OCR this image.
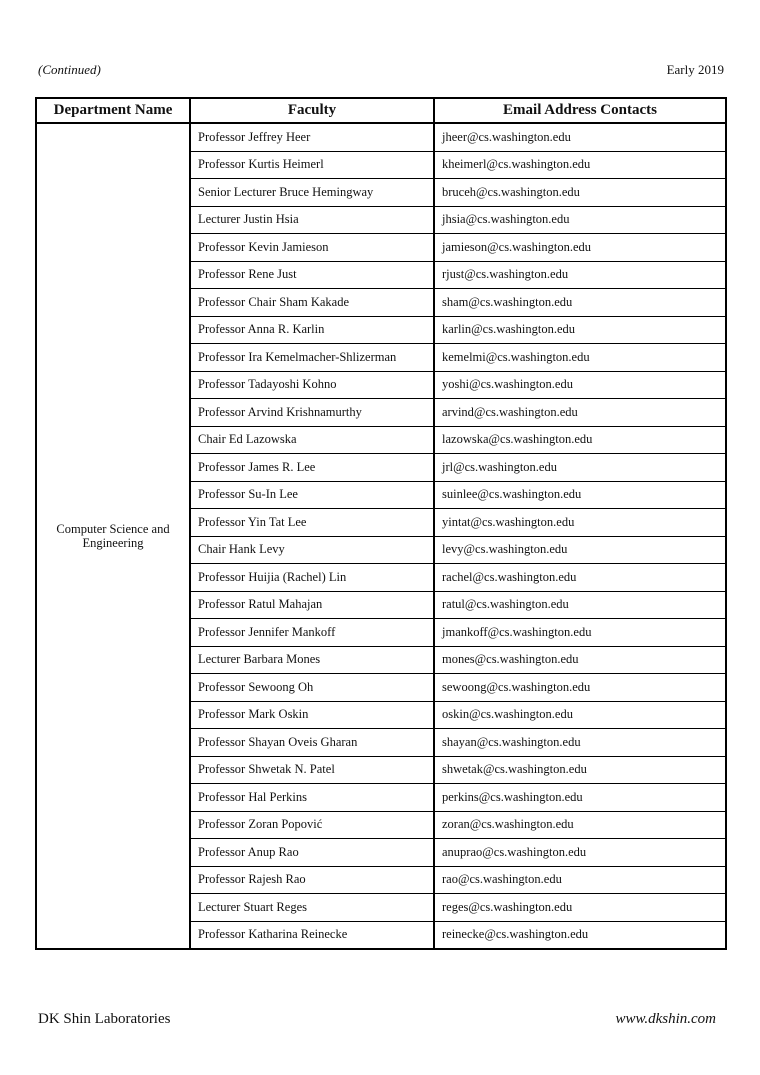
(Continued)	Early 2019
Department Name	Faculty	Email Address Contacts
Computer Science and Engineering	Professor Jeffrey Heer	jheer@cs.washington.edu
	Professor Kurtis Heimerl	kheimerl@cs.washington.edu
	Senior Lecturer Bruce Hemingway	bruceh@cs.washington.edu
	Lecturer Justin Hsia	jhsia@cs.washington.edu
	Professor Kevin Jamieson	jamieson@cs.washington.edu
	Professor Rene Just	rjust@cs.washington.edu
	Professor Chair Sham Kakade	sham@cs.washington.edu
	Professor Anna R. Karlin	karlin@cs.washington.edu
	Professor Ira Kemelmacher-Shlizerman	kemelmi@cs.washington.edu
	Professor Tadayoshi Kohno	yoshi@cs.washington.edu
	Professor Arvind Krishnamurthy	arvind@cs.washington.edu
	Chair Ed Lazowska	lazowska@cs.washington.edu
	Professor James R. Lee	jrl@cs.washington.edu
	Professor Su-In Lee	suinlee@cs.washington.edu
	Professor Yin Tat Lee	yintat@cs.washington.edu
	Chair Hank Levy	levy@cs.washington.edu
	Professor Huijia (Rachel) Lin	rachel@cs.washington.edu
	Professor Ratul Mahajan	ratul@cs.washington.edu
	Professor Jennifer Mankoff	jmankoff@cs.washington.edu
	Lecturer Barbara Mones	mones@cs.washington.edu
	Professor Sewoong Oh	sewoong@cs.washington.edu
	Professor Mark Oskin	oskin@cs.washington.edu
	Professor Shayan Oveis Gharan	shayan@cs.washington.edu
	Professor Shwetak N. Patel	shwetak@cs.washington.edu
	Professor Hal Perkins	perkins@cs.washington.edu
	Professor Zoran Popović	zoran@cs.washington.edu
	Professor Anup Rao	anuprao@cs.washington.edu
	Professor Rajesh Rao	rao@cs.washington.edu
	Lecturer Stuart Reges	reges@cs.washington.edu
	Professor Katharina Reinecke	reinecke@cs.washington.edu
DK Shin Laboratories	www.dkshin.com
